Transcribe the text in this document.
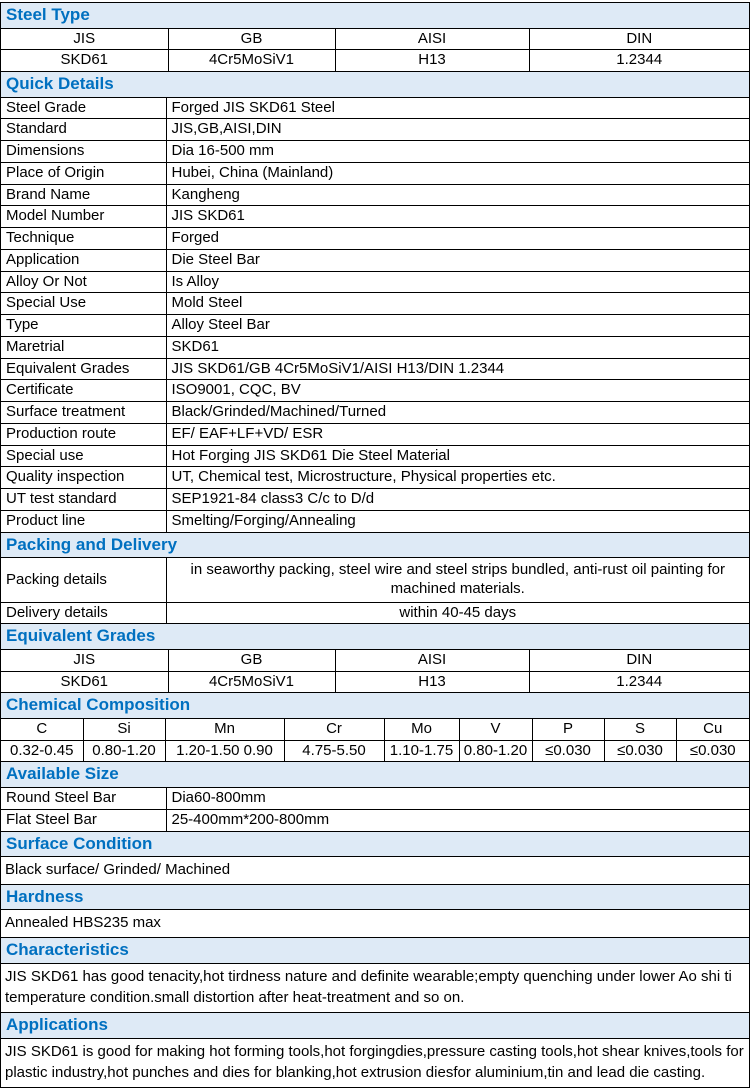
Steel Type
JIS	GB	AISI	DIN
SKD61	4Cr5MoSiV1	H13	1.2344
Quick Details
Steel Grade	Forged JIS SKD61 Steel
Standard	JIS,GB,AISI,DIN
Dimensions	Dia 16-500 mm
Place of Origin	Hubei, China (Mainland)
Brand Name	Kangheng
Model Number	JIS SKD61
Technique	Forged
Application	Die Steel Bar
Alloy Or Not	Is Alloy
Special Use	Mold Steel
Type	Alloy Steel Bar
Maretrial	SKD61
Equivalent Grades	JIS SKD61/GB 4Cr5MoSiV1/AISI H13/DIN 1.2344
Certificate	ISO9001, CQC, BV
Surface treatment	Black/Grinded/Machined/Turned
Production route	EF/ EAF+LF+VD/ ESR
Special use	Hot Forging JIS SKD61 Die Steel Material
Quality inspection	UT, Chemical test, Microstructure, Physical properties etc.
UT test standard	SEP1921-84 class3 C/c to D/d
Product line	Smelting/Forging/Annealing
Packing and Delivery
Packing details	in seaworthy packing, steel wire and steel strips bundled, anti-rust oil painting for machined materials.
Delivery details	within 40-45 days
Equivalent Grades
JIS	GB	AISI	DIN
SKD61	4Cr5MoSiV1	H13	1.2344
Chemical Composition
C	Si	Mn	Cr	Mo	V	P	S	Cu
0.32-0.45	0.80-1.20	1.20-1.50 0.90	4.75-5.50	1.10-1.75	0.80-1.20	≤0.030	≤0.030	≤0.030
Available Size
Round Steel Bar	Dia60-800mm
Flat Steel Bar	25-400mm*200-800mm
Surface Condition
Black surface/ Grinded/ Machined
Hardness
Annealed HBS235 max
Characteristics
JIS SKD61 has good tenacity,hot tirdness nature and definite wearable;empty quenching under lower Ao shi ti temperature condition.small distortion after heat-treatment and so on.
Applications
JIS SKD61 is good for making hot forming tools,hot forgingdies,pressure casting tools,hot shear knives,tools for plastic industry,hot punches and dies for blanking,hot extrusion diesfor aluminium,tin and lead die casting.
